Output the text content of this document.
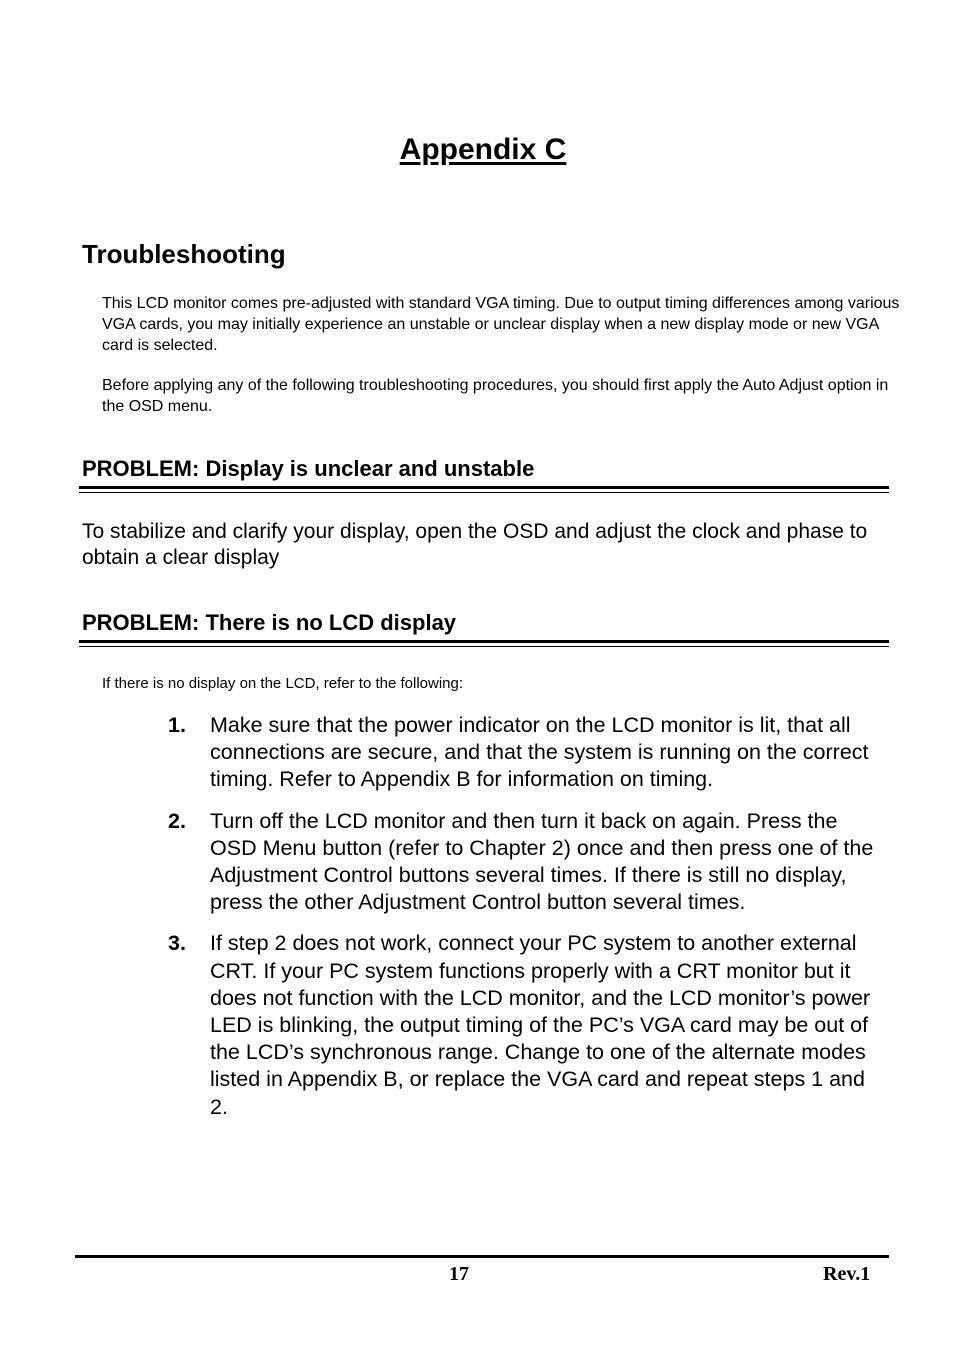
Appendix C
Troubleshooting
This LCD monitor comes pre-adjusted with standard VGA timing. Due to output timing differences among various VGA cards, you may initially experience an unstable or unclear display when a new display mode or new VGA card is selected.
Before applying any of the following troubleshooting procedures, you should first apply the Auto Adjust option in the OSD menu.
PROBLEM: Display is unclear and unstable
To stabilize and clarify your display, open the OSD and adjust the clock and phase to obtain a clear display
PROBLEM: There is no LCD display
If there is no display on the LCD, refer to the following:
1.	Make sure that the power indicator on the LCD monitor is lit, that all connections are secure, and that the system is running on the correct timing. Refer to Appendix B for information on timing.
2.	Turn off the LCD monitor and then turn it back on again. Press the OSD Menu button (refer to Chapter 2) once and then press one of the Adjustment Control buttons several times. If there is still no display, press the other Adjustment Control button several times.
3.	If step 2 does not work, connect your PC system to another external CRT. If your PC system functions properly with a CRT monitor but it does not function with the LCD monitor, and the LCD monitor’s power LED is blinking, the output timing of the PC’s VGA card may be out of the LCD’s synchronous range. Change to one of the alternate modes listed in Appendix B, or replace the VGA card and repeat steps 1 and 2.
17	Rev.1
